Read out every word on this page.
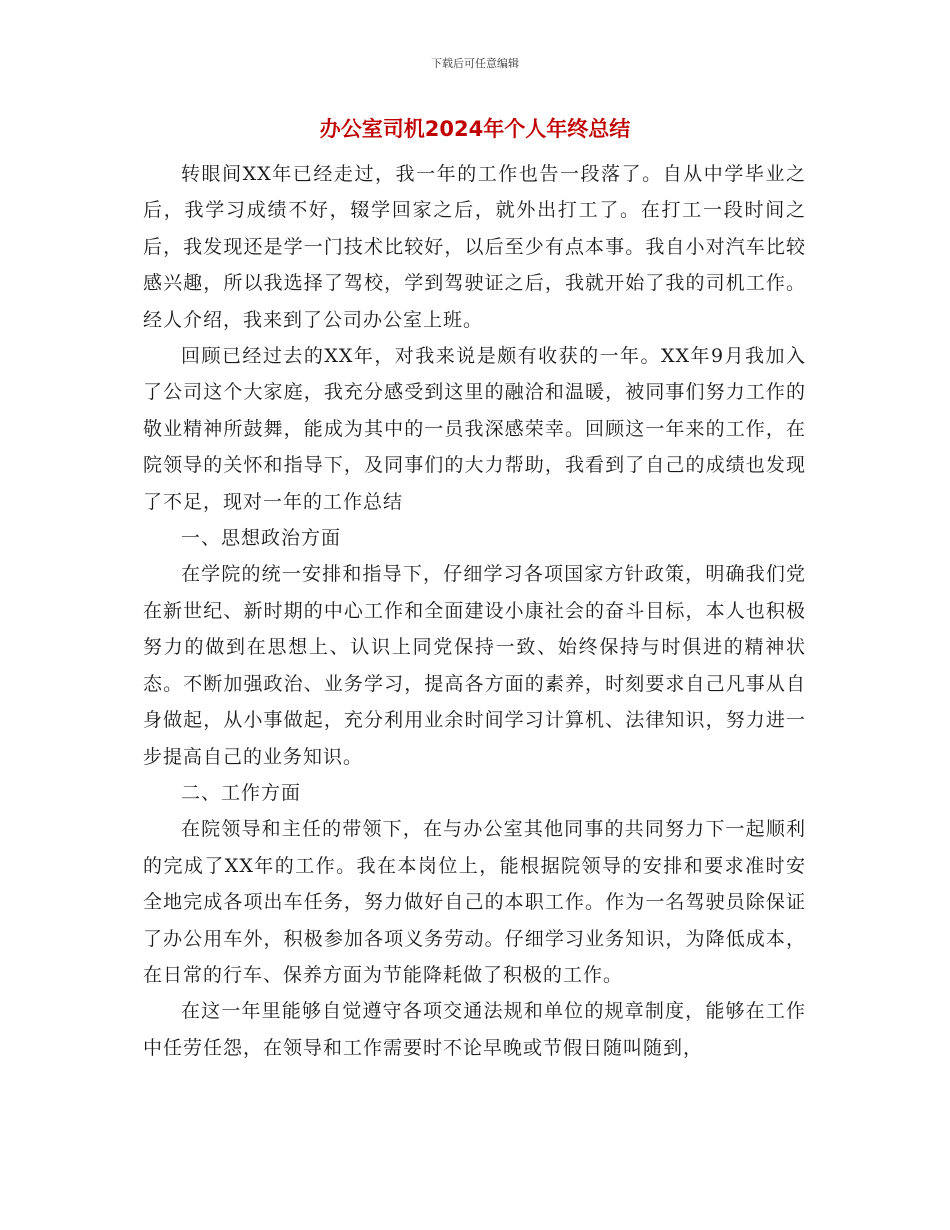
下载后可任意编辑
办公室司机2024年个人年终总结

转眼间XX年已经走过，我一年的工作也告一段落了。自从中学毕业之后，我学习成绩不好，辍学回家之后，就外出打工了。在打工一段时间之后，我发现还是学一门技术比较好，以后至少有点本事。我自小对汽车比较感兴趣，所以我选择了驾校，学到驾驶证之后，我就开始了我的司机工作。经人介绍，我来到了公司办公室上班。

回顾已经过去的XX年，对我来说是颇有收获的一年。XX年9月我加入了公司这个大家庭，我充分感受到这里的融洽和温暖，被同事们努力工作的敬业精神所鼓舞，能成为其中的一员我深感荣幸。回顾这一年来的工作，在院领导的关怀和指导下，及同事们的大力帮助，我看到了自己的成绩也发现了不足，现对一年的工作总结

一、思想政治方面

在学院的统一安排和指导下，仔细学习各项国家方针政策，明确我们党在新世纪、新时期的中心工作和全面建设小康社会的奋斗目标，本人也积极努力的做到在思想上、认识上同党保持一致、始终保持与时俱进的精神状态。不断加强政治、业务学习，提高各方面的素养，时刻要求自己凡事从自身做起，从小事做起，充分利用业余时间学习计算机、法律知识，努力进一步提高自己的业务知识。

二、工作方面

在院领导和主任的带领下，在与办公室其他同事的共同努力下一起顺利的完成了XX年的工作。我在本岗位上，能根据院领导的安排和要求准时安全地完成各项出车任务，努力做好自己的本职工作。作为一名驾驶员除保证了办公用车外，积极参加各项义务劳动。仔细学习业务知识，为降低成本，在日常的行车、保养方面为节能降耗做了积极的工作。

在这一年里能够自觉遵守各项交通法规和单位的规章制度，能够在工作中任劳任怨，在领导和工作需要时不论早晚或节假日随叫随到，
